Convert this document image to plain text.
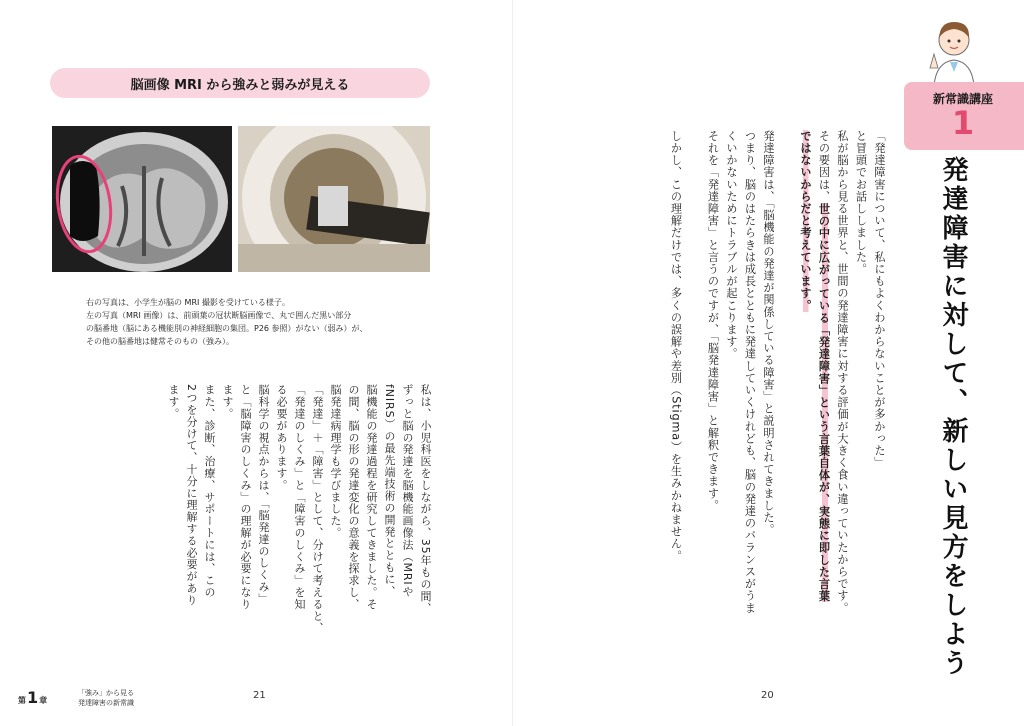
脳画像 MRI から強みと弱みが見える

右の写真は、小学生が脳の MRI 撮影を受けている様子。

左の写真（MRI 画像）は、前頭葉の冠状断脳画像で、丸で囲んだ黒い部分

の脳番地（脳にある機能別の神経細胞の集団。P26 参照）がない（弱み）が、

その他の脳番地は健常そのもの（強み）。

私は、小児科医をしながら、35年もの間、

ずっと脳の発達を脳機能画像法（MRIや

fNIRS）の最先端技術の開発とともに、

脳機能の発達過程を研究してきました。そ

の間、脳の形の発達変化の意義を探求し、

脳発達病理学も学びました。

「発達」＋「障害」として、分けて考えると、

「発達のしくみ」と「障害のしくみ」を知

る必要があります。

脳科学の視点からは、「脳発達のしくみ」

と「脳障害のしくみ」の理解が必要になり

ます。

また、診断、治療、サポートには、この

2つを分けて、十分に理解する必要があり

ます。

第 1 章
「強み」から見る
発達障害の新常識
21
新常識講座
1
発達障害に対して、新しい見方をしよう

「発達障害について、私にもよくわからないことが多かった」

と冒頭でお話ししました。

私が脳から見る世界と、世間の発達障害に対する評価が大きく食い違っていたからです。

その要因は、世の中に広がっている「発達障害」という言葉自体が、実態に即した言葉

ではないからだと考えています。

発達障害は、「脳機能の発達が関係している障害」と説明されてきました。

つまり、脳のはたらきは成長とともに発達していくけれども、脳の発達のバランスがうま

くいかないためにトラブルが起こります。

それを「発達障害」と言うのですが、「脳発達障害」と解釈できます。

しかし、この理解だけでは、多くの誤解や差別（Stigma）を生みかねません。

20
